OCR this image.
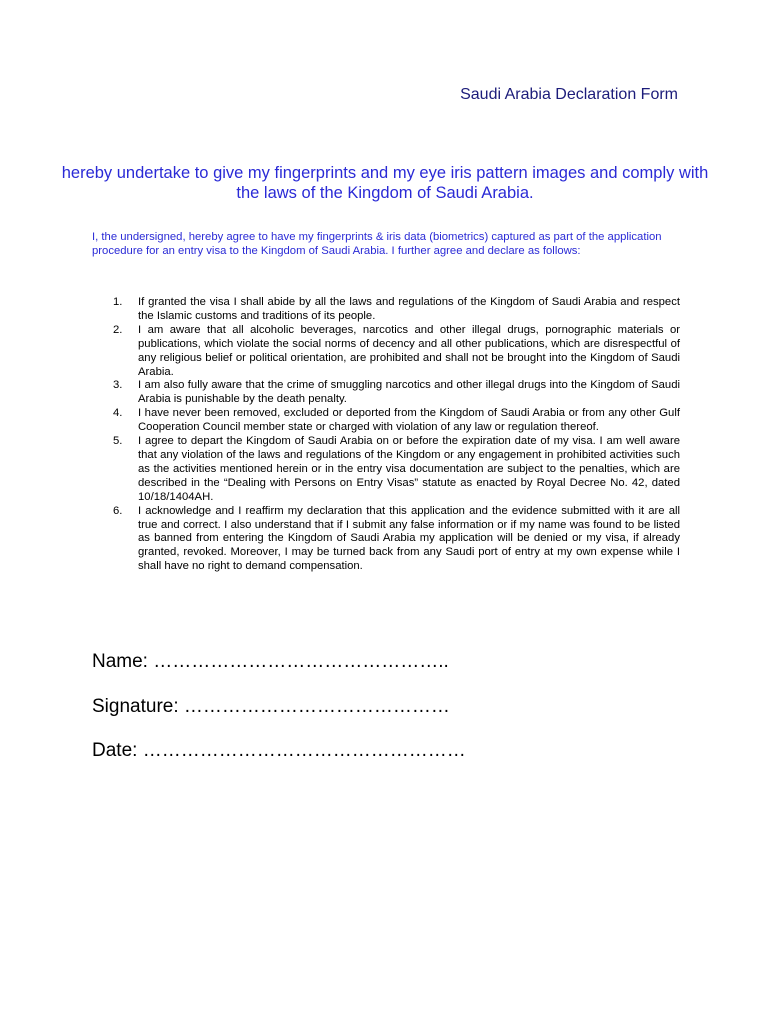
Saudi Arabia Declaration Form
hereby undertake to give my fingerprints and my eye iris pattern images and comply with the laws of the Kingdom of Saudi Arabia.
I, the undersigned, hereby agree to have my fingerprints & iris data (biometrics) captured as part of the application procedure for an entry visa to the Kingdom of Saudi Arabia. I further agree and declare as follows:
1.	If granted the visa I shall abide by all the laws and regulations of the Kingdom of Saudi Arabia and respect the Islamic customs and traditions of its people.
2.	I am aware that all alcoholic beverages, narcotics and other illegal drugs, pornographic materials or publications, which violate the social norms of decency and all other publications, which are disrespectful of any religious belief or political orientation, are prohibited and shall not be brought into the Kingdom of Saudi Arabia.
3.	I am also fully aware that the crime of smuggling narcotics and other illegal drugs into the Kingdom of Saudi Arabia is punishable by the death penalty.
4.	I have never been removed, excluded or deported from the Kingdom of Saudi Arabia or from any other Gulf Cooperation Council member state or charged with violation of any law or regulation thereof.
5.	I agree to depart the Kingdom of Saudi Arabia on or before the expiration date of my visa. I am well aware that any violation of the laws and regulations of the Kingdom or any engagement in prohibited activities such as the activities mentioned herein or in the entry visa documentation are subject to the penalties, which are described in the “Dealing with Persons on Entry Visas” statute as enacted by Royal Decree No. 42, dated 10/18/1404AH.
6.	I acknowledge and I reaffirm my declaration that this application and the evidence submitted with it are all true and correct. I also understand that if I submit any false information or if my name was found to be listed as banned from entering the Kingdom of Saudi Arabia my application will be denied or my visa, if already granted, revoked. Moreover, I may be turned back from any Saudi port of entry at my own expense while I shall have no right to demand compensation.
Name: ………………………………………..
Signature: ……………………………………
Date: ……………………………………………
